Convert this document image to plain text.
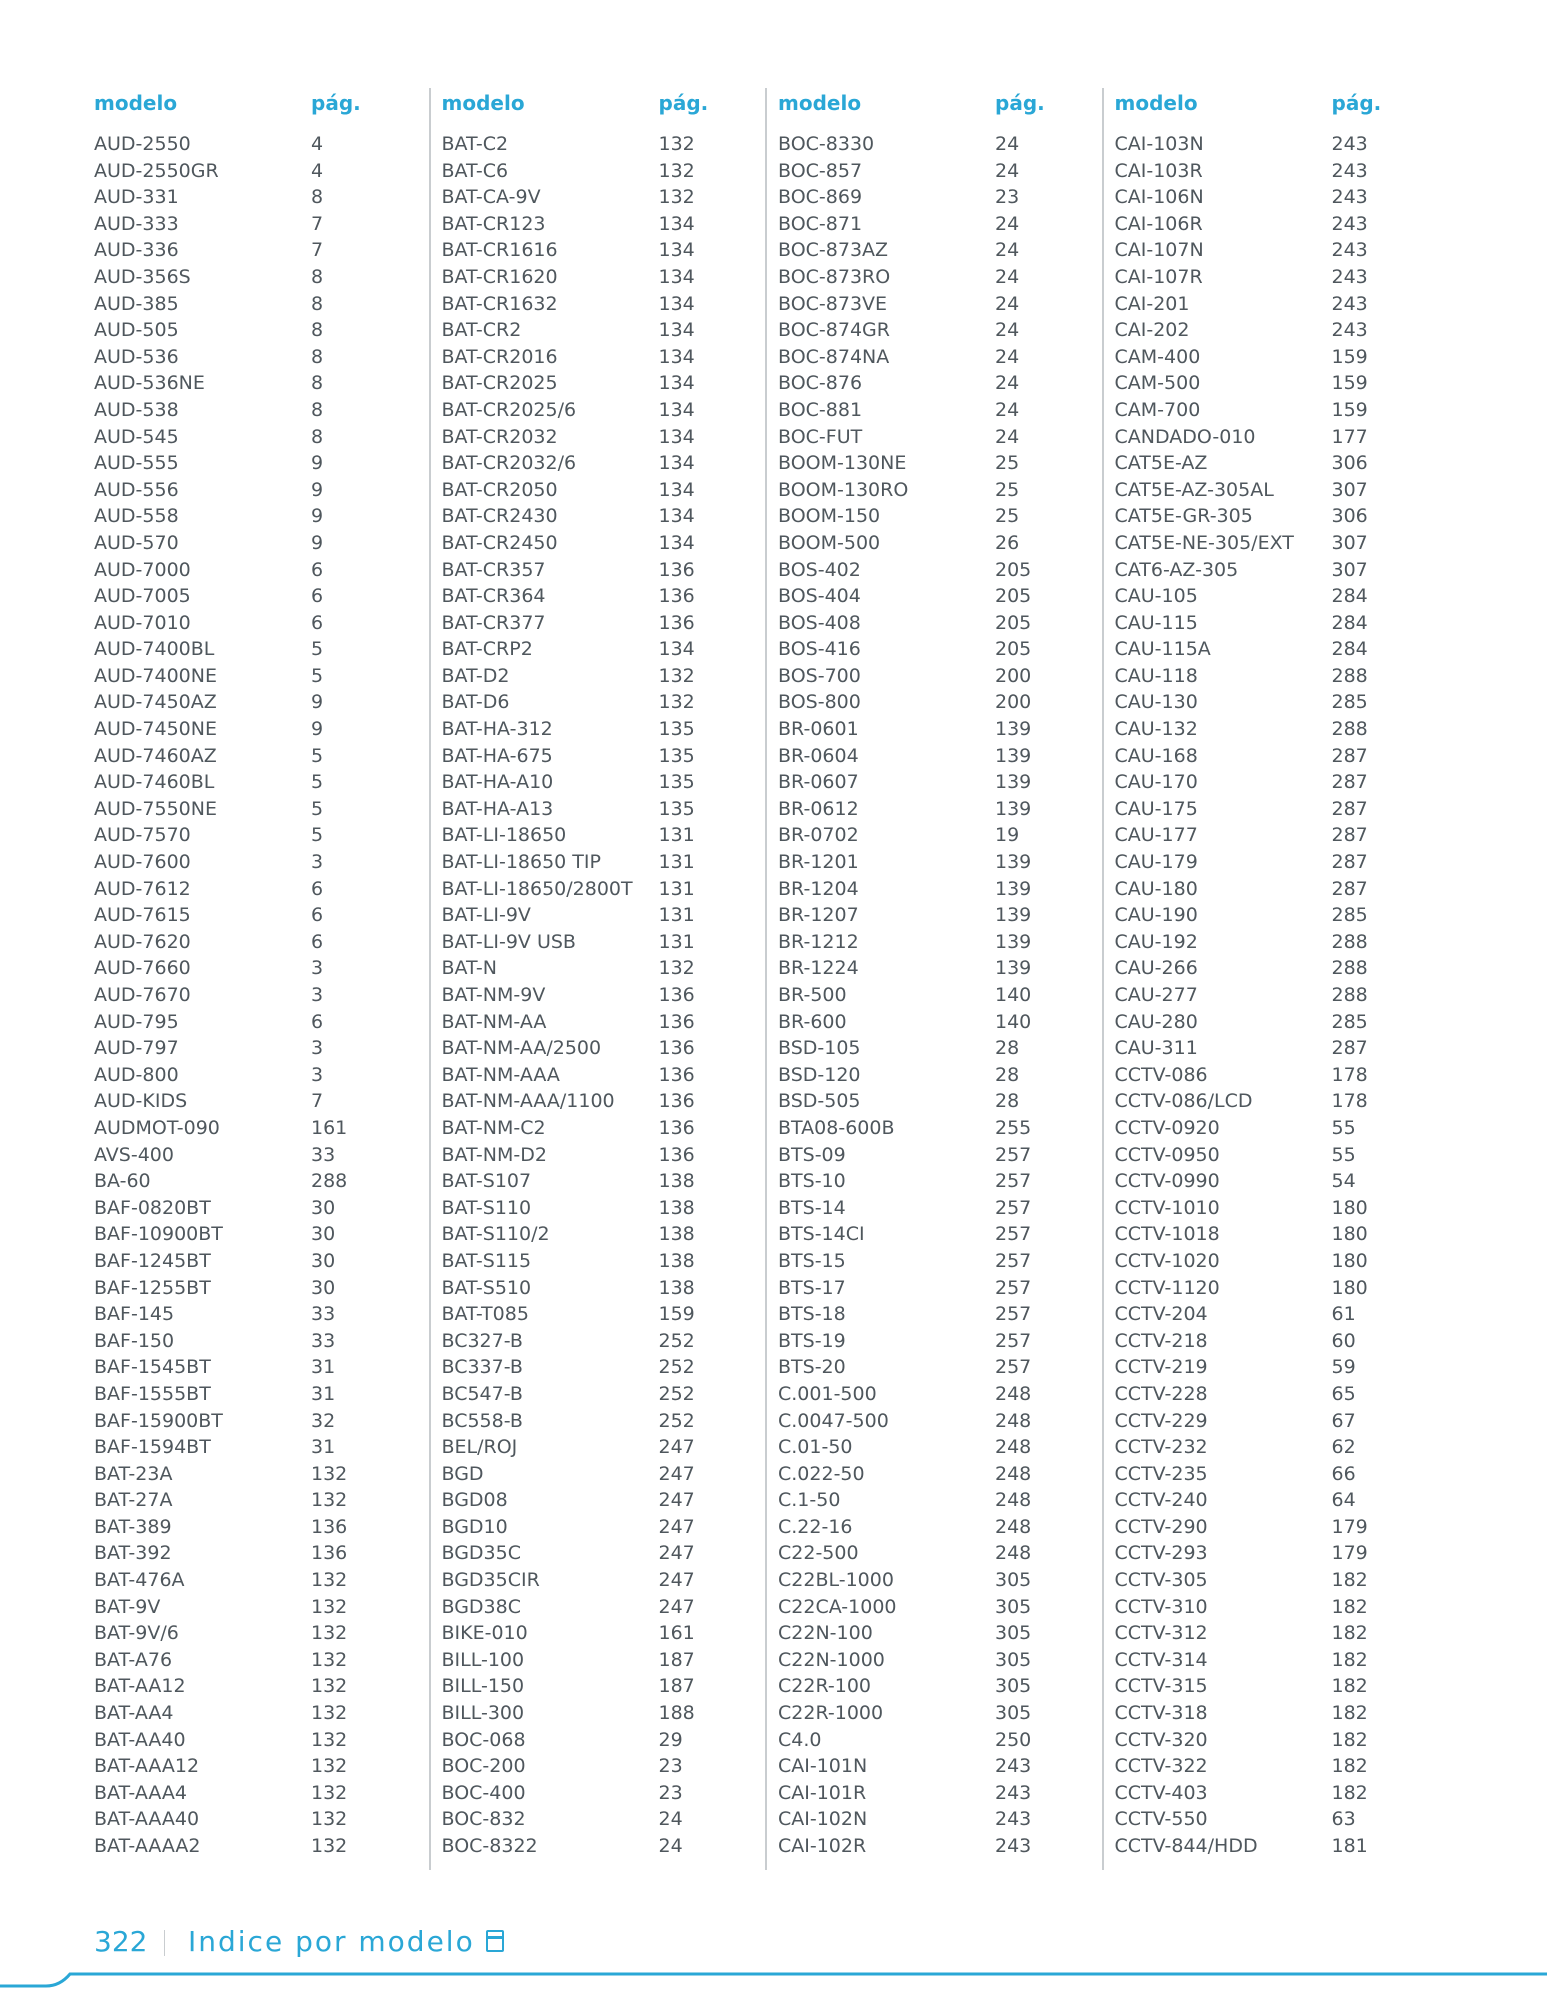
modelo	pág.
AUD-2550	4
AUD-2550GR	4
AUD-331	8
AUD-333	7
AUD-336	7
AUD-356S	8
AUD-385	8
AUD-505	8
AUD-536	8
AUD-536NE	8
AUD-538	8
AUD-545	8
AUD-555	9
AUD-556	9
AUD-558	9
AUD-570	9
AUD-7000	6
AUD-7005	6
AUD-7010	6
AUD-7400BL	5
AUD-7400NE	5
AUD-7450AZ	9
AUD-7450NE	9
AUD-7460AZ	5
AUD-7460BL	5
AUD-7550NE	5
AUD-7570	5
AUD-7600	3
AUD-7612	6
AUD-7615	6
AUD-7620	6
AUD-7660	3
AUD-7670	3
AUD-795	6
AUD-797	3
AUD-800	3
AUD-KIDS	7
AUDMOT-090	161
AVS-400	33
BA-60	288
BAF-0820BT	30
BAF-10900BT	30
BAF-1245BT	30
BAF-1255BT	30
BAF-145	33
BAF-150	33
BAF-1545BT	31
BAF-1555BT	31
BAF-15900BT	32
BAF-1594BT	31
BAT-23A	132
BAT-27A	132
BAT-389	136
BAT-392	136
BAT-476A	132
BAT-9V	132
BAT-9V/6	132
BAT-A76	132
BAT-AA12	132
BAT-AA4	132
BAT-AA40	132
BAT-AAA12	132
BAT-AAA4	132
BAT-AAA40	132
BAT-AAAA2	132
modelo	pág.
BAT-C2	132
BAT-C6	132
BAT-CA-9V	132
BAT-CR123	134
BAT-CR1616	134
BAT-CR1620	134
BAT-CR1632	134
BAT-CR2	134
BAT-CR2016	134
BAT-CR2025	134
BAT-CR2025/6	134
BAT-CR2032	134
BAT-CR2032/6	134
BAT-CR2050	134
BAT-CR2430	134
BAT-CR2450	134
BAT-CR357	136
BAT-CR364	136
BAT-CR377	136
BAT-CRP2	134
BAT-D2	132
BAT-D6	132
BAT-HA-312	135
BAT-HA-675	135
BAT-HA-A10	135
BAT-HA-A13	135
BAT-LI-18650	131
BAT-LI-18650 TIP	131
BAT-LI-18650/2800T	131
BAT-LI-9V	131
BAT-LI-9V USB	131
BAT-N	132
BAT-NM-9V	136
BAT-NM-AA	136
BAT-NM-AA/2500	136
BAT-NM-AAA	136
BAT-NM-AAA/1100	136
BAT-NM-C2	136
BAT-NM-D2	136
BAT-S107	138
BAT-S110	138
BAT-S110/2	138
BAT-S115	138
BAT-S510	138
BAT-T085	159
BC327-B	252
BC337-B	252
BC547-B	252
BC558-B	252
BEL/ROJ	247
BGD	247
BGD08	247
BGD10	247
BGD35C	247
BGD35CIR	247
BGD38C	247
BIKE-010	161
BILL-100	187
BILL-150	187
BILL-300	188
BOC-068	29
BOC-200	23
BOC-400	23
BOC-832	24
BOC-8322	24
modelo	pág.
BOC-8330	24
BOC-857	24
BOC-869	23
BOC-871	24
BOC-873AZ	24
BOC-873RO	24
BOC-873VE	24
BOC-874GR	24
BOC-874NA	24
BOC-876	24
BOC-881	24
BOC-FUT	24
BOOM-130NE	25
BOOM-130RO	25
BOOM-150	25
BOOM-500	26
BOS-402	205
BOS-404	205
BOS-408	205
BOS-416	205
BOS-700	200
BOS-800	200
BR-0601	139
BR-0604	139
BR-0607	139
BR-0612	139
BR-0702	19
BR-1201	139
BR-1204	139
BR-1207	139
BR-1212	139
BR-1224	139
BR-500	140
BR-600	140
BSD-105	28
BSD-120	28
BSD-505	28
BTA08-600B	255
BTS-09	257
BTS-10	257
BTS-14	257
BTS-14CI	257
BTS-15	257
BTS-17	257
BTS-18	257
BTS-19	257
BTS-20	257
C.001-500	248
C.0047-500	248
C.01-50	248
C.022-50	248
C.1-50	248
C.22-16	248
C22-500	248
C22BL-1000	305
C22CA-1000	305
C22N-100	305
C22N-1000	305
C22R-100	305
C22R-1000	305
C4.0	250
CAI-101N	243
CAI-101R	243
CAI-102N	243
CAI-102R	243
modelo	pág.
CAI-103N	243
CAI-103R	243
CAI-106N	243
CAI-106R	243
CAI-107N	243
CAI-107R	243
CAI-201	243
CAI-202	243
CAM-400	159
CAM-500	159
CAM-700	159
CANDADO-010	177
CAT5E-AZ	306
CAT5E-AZ-305AL	307
CAT5E-GR-305	306
CAT5E-NE-305/EXT	307
CAT6-AZ-305	307
CAU-105	284
CAU-115	284
CAU-115A	284
CAU-118	288
CAU-130	285
CAU-132	288
CAU-168	287
CAU-170	287
CAU-175	287
CAU-177	287
CAU-179	287
CAU-180	287
CAU-190	285
CAU-192	288
CAU-266	288
CAU-277	288
CAU-280	285
CAU-311	287
CCTV-086	178
CCTV-086/LCD	178
CCTV-0920	55
CCTV-0950	55
CCTV-0990	54
CCTV-1010	180
CCTV-1018	180
CCTV-1020	180
CCTV-1120	180
CCTV-204	61
CCTV-218	60
CCTV-219	59
CCTV-228	65
CCTV-229	67
CCTV-232	62
CCTV-235	66
CCTV-240	64
CCTV-290	179
CCTV-293	179
CCTV-305	182
CCTV-310	182
CCTV-312	182
CCTV-314	182
CCTV-315	182
CCTV-318	182
CCTV-320	182
CCTV-322	182
CCTV-403	182
CCTV-550	63
CCTV-844/HDD	181
322 Indice por modelo
